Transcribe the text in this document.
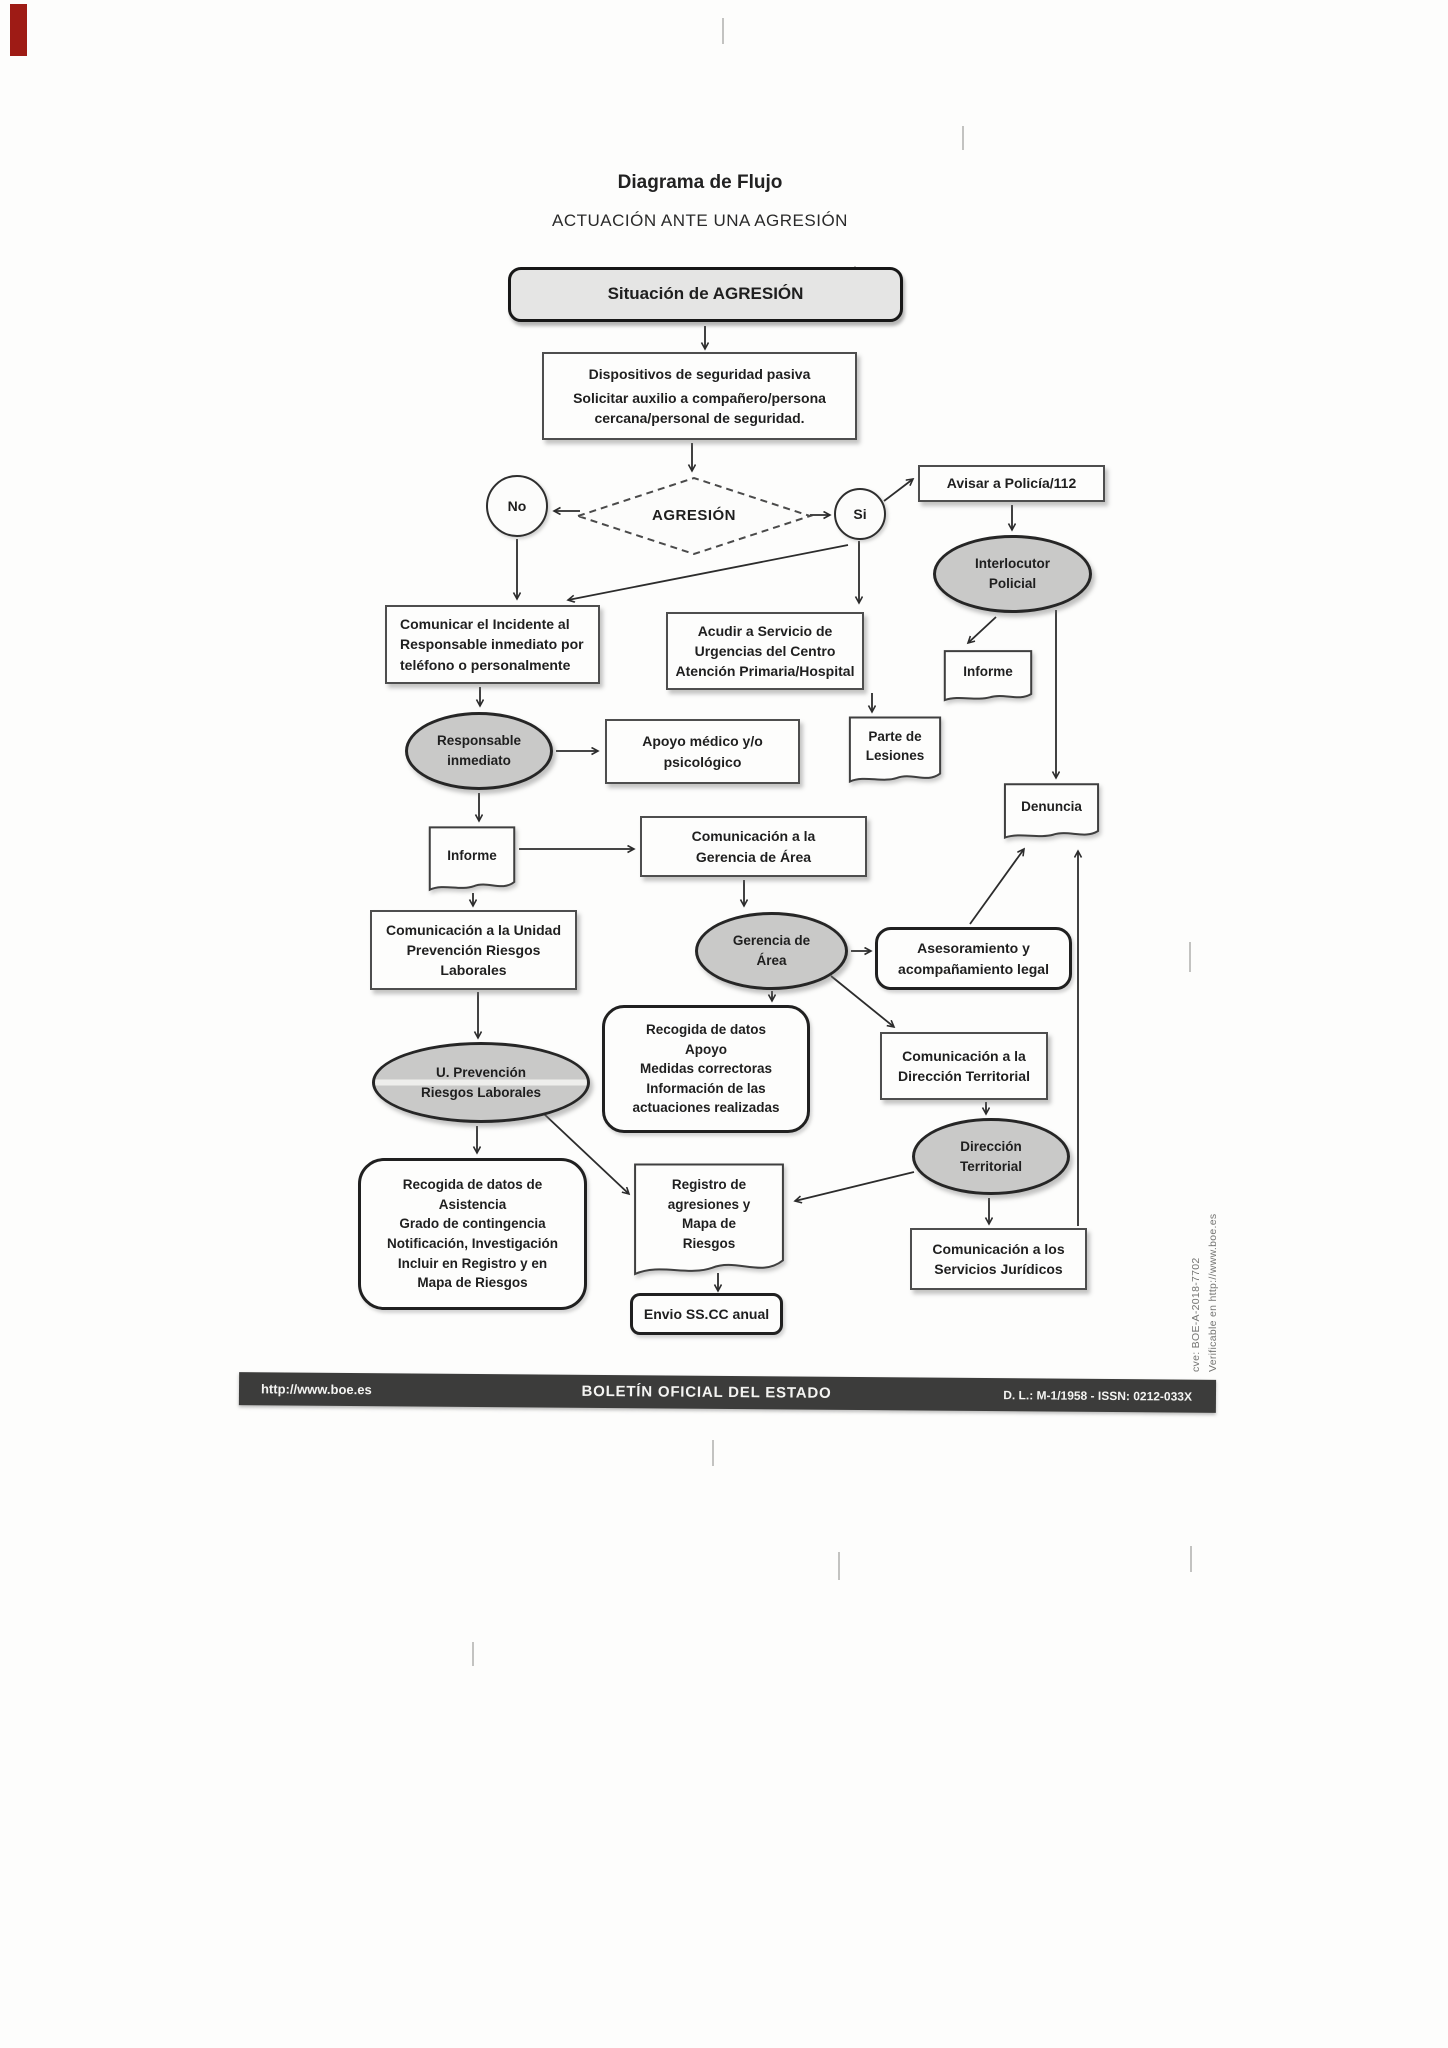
Diagrama de Flujo
ACTUACIÓN ANTE UNA AGRESIÓN
Situación de AGRESIÓN
Dispositivos de seguridad pasiva
Solicitar auxilio a compañero/persona cercana/personal de seguridad.
AGRESIÓN
No	Si
Avisar a Policía/112
Interlocutor Policial
Informe
Comunicar el Incidente al Responsable inmediato por teléfono o personalmente
Acudir a Servicio de Urgencias del Centro Atención Primaria/Hospital
Parte de Lesiones
Responsable inmediato
Apoyo médico y/o psicológico
Informe
Comunicación a la Gerencia de Área
Denuncia
Comunicación a la Unidad Prevención Riesgos Laborales
Gerencia de Área
Asesoramiento y acompañamiento legal
Recogida de datos
Apoyo
Medidas correctoras
Información de las actuaciones realizadas
Comunicación a la Dirección Territorial
U. Prevención Riesgos Laborales
Dirección Territorial
Recogida de datos de Asistencia
Grado de contingencia
Notificación, Investigación
Incluir en Registro y en Mapa de Riesgos
Registro de agresiones y Mapa de Riesgos
Envio SS.CC anual
Comunicación a los Servicios Jurídicos
http://www.boe.es	BOLETÍN OFICIAL DEL ESTADO	D. L.: M-1/1958 - ISSN: 0212-033X
cve: BOE-A-2018-7702 Verificable en http://www.boe.es
